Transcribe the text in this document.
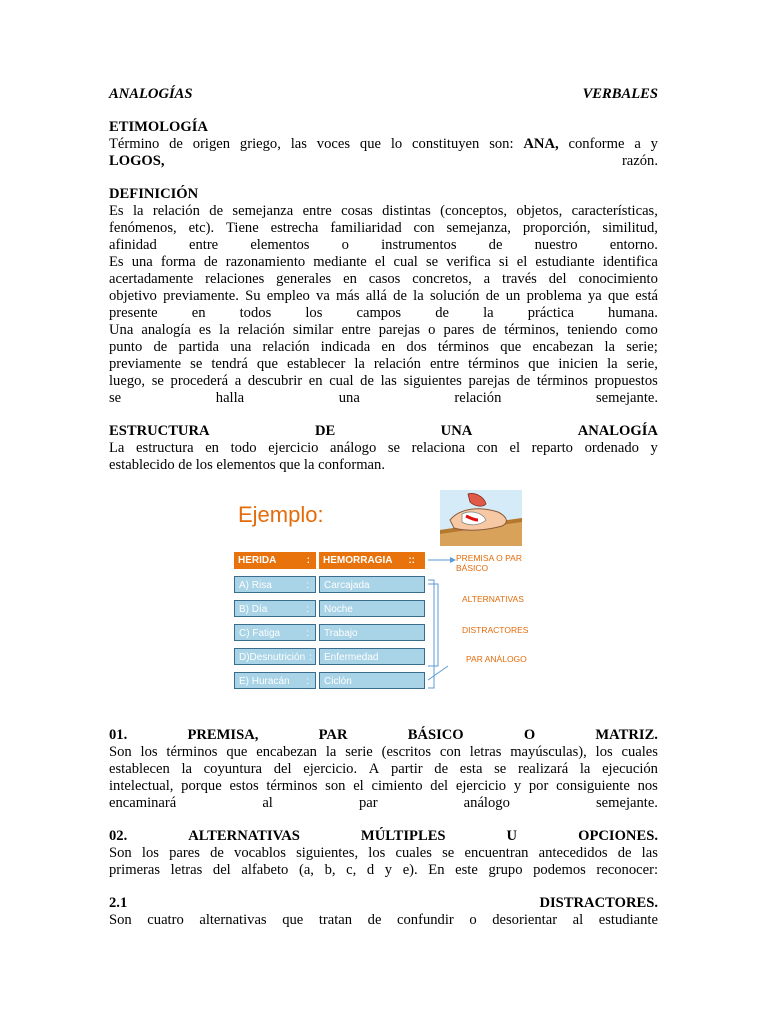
ANALOGÍAS	VERBALES
ETIMOLOGÍA
Término de origen griego, las voces que lo constituyen son: ANA, conforme a y
LOGOS,	razón.
DEFINICIÓN
Es la relación de semejanza entre cosas distintas (conceptos, objetos, características,
fenómenos, etc). Tiene estrecha familiaridad con semejanza, proporción, similitud,
afinidad entre elementos o instrumentos de nuestro entorno.
Es una forma de razonamiento mediante el cual se verifica si el estudiante identifica
acertadamente relaciones generales en casos concretos, a través del conocimiento
objetivo previamente. Su empleo va más allá de la solución de un problema ya que está
presente en todos los campos de la práctica humana.
Una analogía es la relación similar entre parejas o pares de términos, teniendo como
punto de partida una relación indicada en dos términos que encabezan la serie;
previamente se tendrá que establecer la relación entre términos que inicien la serie,
luego, se procederá a descubrir en cual de las siguientes parejas de términos propuestos
se	halla	una	relación	semejante.
ESTRUCTURA	DE	UNA	ANALOGÍA
La estructura en todo ejercicio análogo se relaciona con el reparto ordenado y
establecido de los elementos que la conforman.
Ejemplo:
HERIDA	:	HEMORRAGIA ::
A) Risa	:	Carcajada
B) Día	:	Noche
C) Fatiga	:	Trabajo
D)Desnutrición :	Enfermedad
E) Huracán :	Ciclón
PREMISA O PAR
BÁSICO
ALTERNATIVAS
DISTRACTORES
PAR ANÁLOGO
01.	PREMISA,	PAR	BÁSICO	O	MATRIZ.
Son los términos que encabezan la serie (escritos con letras mayúsculas), los cuales
establecen la coyuntura del ejercicio. A partir de esta se realizará la ejecución
intelectual, porque estos términos son el cimiento del ejercicio y por consiguiente nos
encaminará	al	par	análogo	semejante.
02.	ALTERNATIVAS	MÚLTIPLES	U	OPCIONES.
Son los pares de vocablos siguientes, los cuales se encuentran antecedidos de las
primeras letras del alfabeto (a, b, c, d y e). En este grupo podemos reconocer:
2.1	DISTRACTORES.
Son cuatro alternativas que tratan de confundir o desorientar al estudiante
